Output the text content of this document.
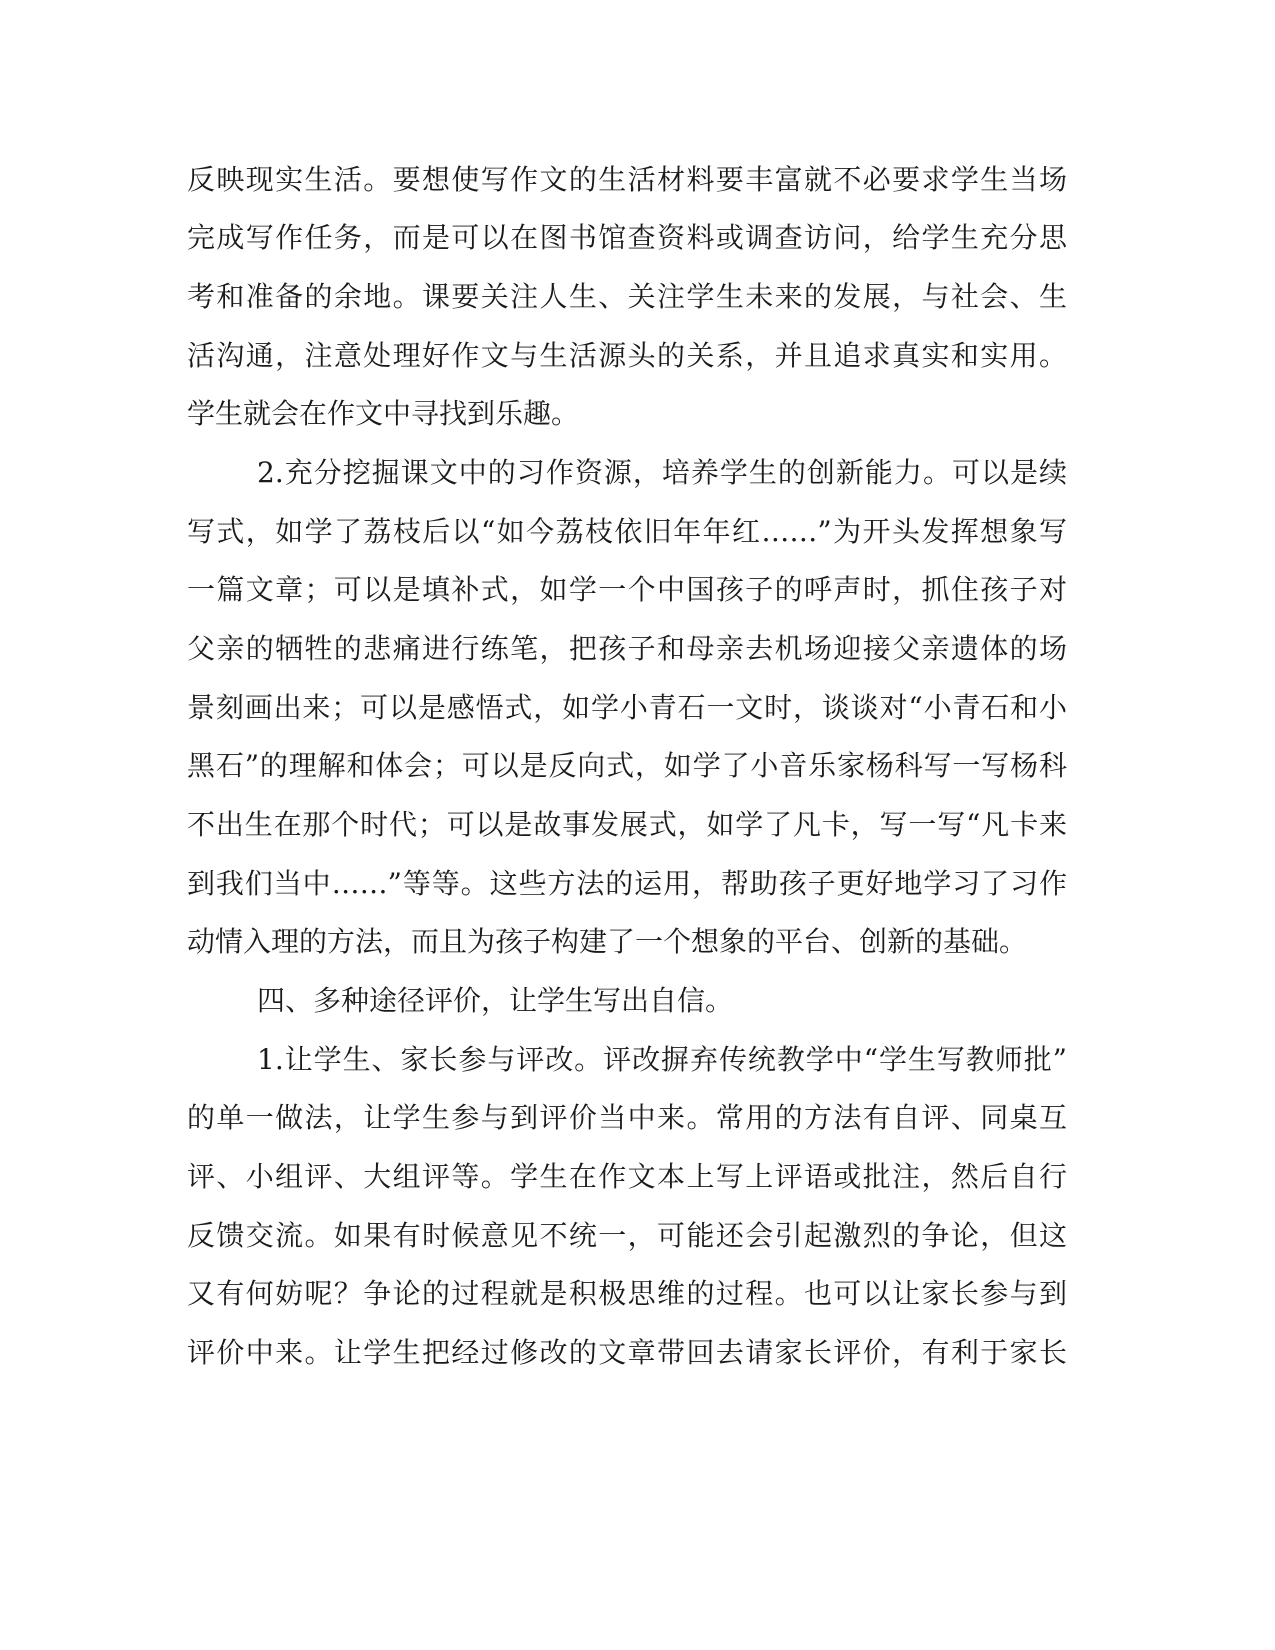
反映现实生活。要想使写作文的生活材料要丰富就不必要求学生当场
完成写作任务，而是可以在图书馆查资料或调查访问，给学生充分思
考和准备的余地。课要关注人生、关注学生未来的发展，与社会、生
活沟通，注意处理好作文与生活源头的关系，并且追求真实和实用。
学生就会在作文中寻找到乐趣。
2.充分挖掘课文中的习作资源，培养学生的创新能力。可以是续
写式，如学了荔枝后以“如今荔枝依旧年年红……”为开头发挥想象写
一篇文章；可以是填补式，如学一个中国孩子的呼声时，抓住孩子对
父亲的牺牲的悲痛进行练笔，把孩子和母亲去机场迎接父亲遗体的场
景刻画出来；可以是感悟式，如学小青石一文时，谈谈对“小青石和小
黑石”的理解和体会；可以是反向式，如学了小音乐家杨科写一写杨科
不出生在那个时代；可以是故事发展式，如学了凡卡，写一写“凡卡来
到我们当中……”等等。这些方法的运用，帮助孩子更好地学习了习作
动情入理的方法，而且为孩子构建了一个想象的平台、创新的基础。
四、多种途径评价，让学生写出自信。
1.让学生、家长参与评改。评改摒弃传统教学中“学生写教师批”
的单一做法，让学生参与到评价当中来。常用的方法有自评、同桌互
评、小组评、大组评等。学生在作文本上写上评语或批注，然后自行
反馈交流。如果有时候意见不统一，可能还会引起激烈的争论，但这
又有何妨呢？争论的过程就是积极思维的过程。也可以让家长参与到
评价中来。让学生把经过修改的文章带回去请家长评价，有利于家长
